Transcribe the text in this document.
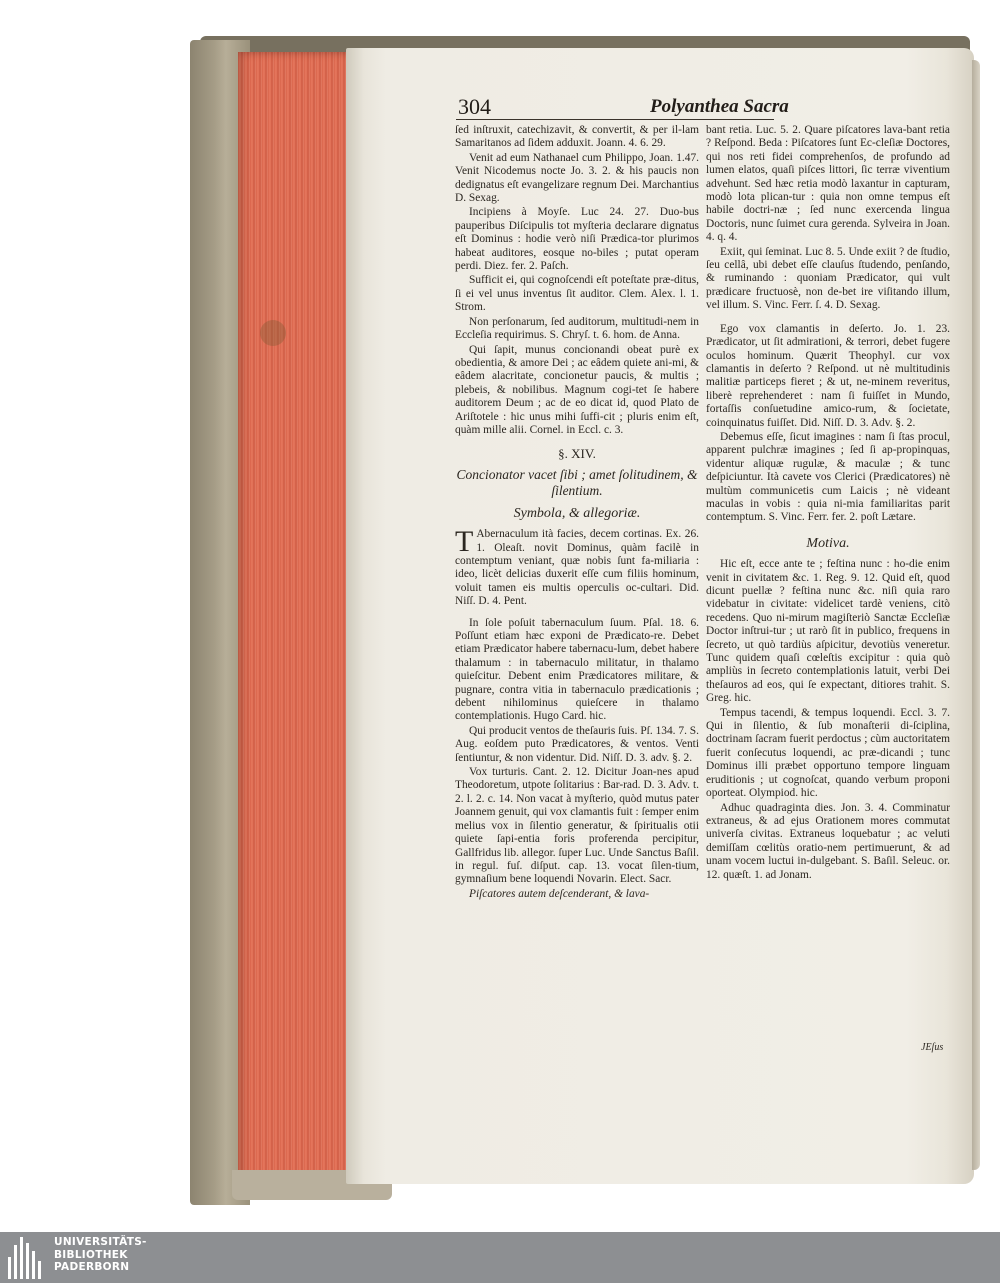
304	Polyanthea Sacra

ſed inſtruxit, catechizavit, & convertit, & per il-lam Samaritanos ad ſidem adduxit. Joann. 4. 6. 29.

Venit ad eum Nathanael cum Philippo, Joan. 1.47. Venit Nicodemus nocte Jo. 3. 2. & his paucis non dedignatus eſt evangelizare regnum Dei. Marchantius D. Sexag.

Incipiens à Moyſe. Luc 24. 27. Duo-bus pauperibus Diſcipulis tot myſteria declarare dignatus eſt Dominus : hodie verò niſi Prædica-tor plurimos habeat auditores, eosque no-biles ; putat operam perdi. Diez. fer. 2. Paſch.

Sufficit ei, qui cognoſcendi eſt poteſtate præ-ditus, ſi ei vel unus inventus ſit auditor. Clem. Alex. l. 1. Strom.

Non perſonarum, ſed auditorum, multitudi-nem in Eccleſia requirimus. S. Chryſ. t. 6. hom. de Anna.

Qui ſapit, munus concionandi obeat purè ex obedientia, & amore Dei ; ac eâdem quiete ani-mi, & eâdem alacritate, concionetur paucis, & multis ; plebeis, & nobilibus. Magnum cogi-tet ſe habere auditorem Deum ; ac de eo dicat id, quod Plato de Ariſtotele : hic unus mihi ſuffi-cit ; pluris enim eſt, quàm mille alii. Cornel. in Eccl. c. 3.

§. XIV.
Concionator vacet ſibi ; amet ſolitudinem, & ſilentium.
Symbola, & allegoriæ.

T Abernaculum ità facies, decem cortinas. Ex. 26. 1. Oleaſt. novit Dominus, quàm facilè in contemptum veniant, quæ nobis ſunt fa-miliaria : ideo, licèt delicias duxerit eſſe cum filiis hominum, voluit tamen eis multis operculis oc-cultari. Did. Niſſ. D. 4. Pent.

In ſole poſuit tabernaculum ſuum. Pſal. 18. 6. Poſſunt etiam hæc exponi de Prædicato-re. Debet etiam Prædicator habere tabernacu-lum, debet habere thalamum : in tabernaculo militatur, in thalamo quieſcitur. Debent enim Prædicatores militare, & pugnare, contra vitia in tabernaculo prædicationis ; debent nihilominus quieſcere in thalamo contemplationis. Hugo Card. hic.

Qui producit ventos de theſauris ſuis. Pſ. 134. 7. S. Aug. eoſdem puto Prædicatores, & ventos. Venti ſentiuntur, & non videntur. Did. Niſſ. D. 3. adv. §. 2.

Vox turturis. Cant. 2. 12. Dicitur Joan-nes apud Theodoretum, utpote ſolitarius : Bar-rad. D. 3. Adv. t. 2. l. 2. c. 14. Non vacat à myſterio, quòd mutus pater Joannem genuit, qui vox clamantis fuit : ſemper enim melius vox in ſilentio generatur, & ſpiritualis otii quiete ſapi-entia foris proferenda percipitur, Gallfridus lib. allegor. ſuper Luc. Unde Sanctus Baſil. in regul. fuſ. diſput. cap. 13. vocat ſilen-tium, gymnaſium bene loquendi Novarin. Elect. Sacr.

Piſcatores autem deſcenderant, & lava-

bant retia. Luc. 5. 2. Quare piſcatores lava-bant retia ? Reſpond. Beda : Piſcatores ſunt Ec-cleſiæ Doctores, qui nos reti fidei comprehenſos, de profundo ad lumen elatos, quaſi piſces littori, ſic terræ viventium advehunt. Sed hæc retia modò laxantur in capturam, modò lota plican-tur : quia non omne tempus eſt habile doctri-næ ; ſed nunc exercenda lingua Doctoris, nunc ſuimet cura gerenda. Sylveira in Joan. 4. q. 4.

Exiit, qui ſeminat. Luc 8. 5. Unde exiit ? de ſtudio, ſeu cellâ, ubi debet eſſe clauſus ſtudendo, penſando, & ruminando : quoniam Prædicator, qui vult prædicare fructuosè, non de-bet ire viſitando illum, vel illum. S. Vinc. Ferr. ſ. 4. D. Sexag.

Ego vox clamantis in deſerto. Jo. 1. 23. Prædicator, ut ſit admirationi, & terrori, debet fugere oculos hominum. Quærit Theophyl. cur vox clamantis in deſerto ? Reſpond. ut nè multitudinis malitiæ particeps fieret ; & ut, ne-minem reveritus, liberè reprehenderet : nam ſi fuiſſet in Mundo, fortaſſis conſuetudine amico-rum, & ſocietate, coinquinatus fuiſſet. Did. Niſſ. D. 3. Adv. §. 2.

Debemus eſſe, ſicut imagines : nam ſi ſtas procul, apparent pulchræ imagines ; ſed ſi ap-propinquas, videntur aliquæ rugulæ, & maculæ ; & tunc deſpiciuntur. Ità cavete vos Clerici (Prædicatores) nè multùm communicetis cum Laicis ; nè videant maculas in vobis : quia ni-mia familiaritas parit contemptum. S. Vinc. Ferr. fer. 2. poſt Lætare.

Motiva.

Hic eſt, ecce ante te ; feſtina nunc : ho-die enim venit in civitatem &c. 1. Reg. 9. 12. Quid eſt, quod dicunt puellæ ? feſtina nunc &c. niſi quia raro videbatur in civitate: videlicet tardè veniens, citò recedens. Quo ni-mirum magiſteriò Sanctæ Eccleſiæ Doctor inſtrui-tur ; ut rarò ſit in publico, frequens in ſecreto, ut quò tardiùs aſpicitur, devotiùs veneretur. Tunc quidem quaſi cœleſtis excipitur : quia quò ampliùs in ſecreto contemplationis latuit, verbi Dei theſauros ad eos, qui ſe expectant, ditiores trahit. S. Greg. hic.

Tempus tacendi, & tempus loquendi. Eccl. 3. 7. Qui in ſilentio, & ſub monaſterii di-ſciplina, doctrinam ſacram fuerit perdoctus ; cùm auctoritatem fuerit conſecutus loquendi, ac præ-dicandi ; tunc Dominus illi præbet opportuno tempore linguam eruditionis ; ut cognoſcat, quando verbum proponi oporteat. Olympiod. hic.

Adhuc quadraginta dies. Jon. 3. 4. Comminatur extraneus, & ad ejus Orationem mores commutat univerſa civitas. Extraneus loquebatur ; ac veluti demiſſam cœlitùs oratio-nem pertimuerunt, & ad unam vocem luctui in-dulgebant. S. Baſil. Seleuc. or. 12. quæſt. 1. ad Jonam.

JEſus
UNIVERSITÄTS-
BIBLIOTHEK
PADERBORN
